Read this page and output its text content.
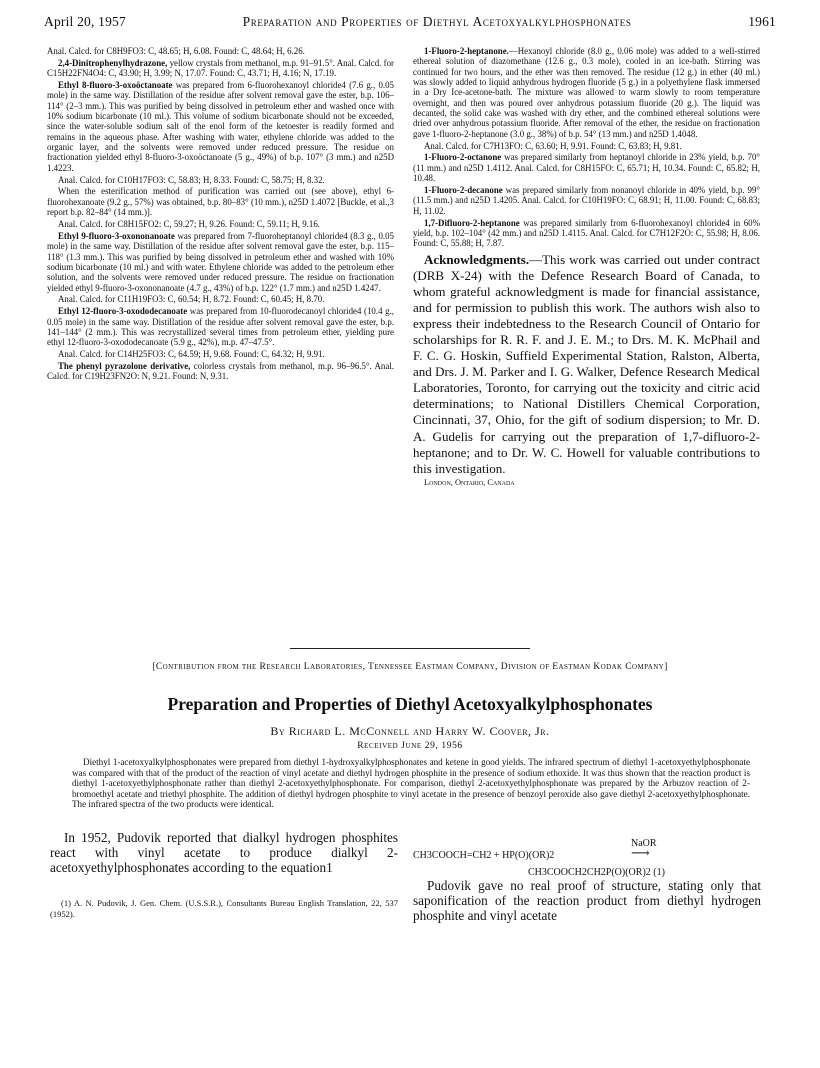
April 20, 1957	Preparation and Properties of Diethyl Acetoxyalkylphosphonates	1961

Anal. Calcd. for C8H9FO3: C, 48.65; H, 6.08. Found: C, 48.64; H, 6.26.

2,4-Dinitrophenylhydrazone, yellow crystals from methanol, m.p. 91–91.5°. Anal. Calcd. for C15H22FN4O4: C, 43.90; H, 3.99; N, 17.07. Found: C, 43.71; H, 4.16; N, 17.19.

Ethyl 8-fluoro-3-oxoöctanoate was prepared from 6-fluorohexanoyl chloride4 (7.6 g., 0.05 mole) in the same way. Distillation of the residue after solvent removal gave the ester, b.p. 106–114° (2–3 mm.). This was purified by being dissolved in petroleum ether and washed once with 10% sodium bicarbonate (10 ml.). This volume of sodium bicarbonate should not be exceeded, since the water-soluble sodium salt of the enol form of the ketoester is readily formed and remains in the aqueous phase. After washing with water, ethylene chloride was added to the organic layer, and the solvents were removed under reduced pressure. The residue on fractionation yielded ethyl 8-fluoro-3-oxoöctanoate (5 g., 49%) of b.p. 107° (3 mm.) and n25D 1.4223.

Anal. Calcd. for C10H17FO3: C, 58.83; H, 8.33. Found: C, 58.75; H, 8.32.

When the esterification method of purification was carried out (see above), ethyl 6-fluorohexanoate (9.2 g., 57%) was obtained, b.p. 80–83° (10 mm.), n25D 1.4072 [Buckle, et al.,3 report b.p. 82–84° (14 mm.)].

Anal. Calcd. for C8H15FO2: C, 59.27; H, 9.26. Found: C, 59.11; H, 9.16.

Ethyl 9-fluoro-3-oxononanoate was prepared from 7-fluoroheptanoyl chloride4 (8.3 g., 0.05 mole) in the same way. Distillation of the residue after solvent removal gave the ester, b.p. 115–118° (1.3 mm.). This was purified by being dissolved in petroleum ether and washed with 10% sodium bicarbonate (10 ml.) and with water. Ethylene chloride was added to the petroleum ether solution, and the solvents were removed under reduced pressure. The residue on fractionation yielded ethyl 9-fluoro-3-oxononanoate (4.7 g., 43%) of b.p. 122° (1.7 mm.) and n25D 1.4247.

Anal. Calcd. for C11H19FO3: C, 60.54; H, 8.72. Found: C, 60.45; H, 8.70.

Ethyl 12-fluoro-3-oxododecanoate was prepared from 10-fluorodecanoyl chloride4 (10.4 g., 0.05 mole) in the same way. Distillation of the residue after solvent removal gave the ester, b.p. 141–144° (2 mm.). This was recrystallized several times from petroleum ether, yielding pure ethyl 12-fluoro-3-oxododecanoate (5.9 g., 42%), m.p. 47–47.5°.

Anal. Calcd. for C14H25FO3: C, 64.59; H, 9.68. Found: C, 64.32; H, 9.91.

The phenyl pyrazolone derivative, colorless crystals from methanol, m.p. 96–96.5°. Anal. Calcd. for C19H23FN2O: N, 9.21. Found: N, 9.31.

1-Fluoro-2-heptanone.—Hexanoyl chloride (8.0 g., 0.06 mole) was added to a well-stirred ethereal solution of diazomethane (12.6 g., 0.3 mole), cooled in an ice-bath. Stirring was continued for two hours, and the ether was then removed. The residue (12 g.) in ether (40 ml.) was slowly added to liquid anhydrous hydrogen fluoride (5 g.) in a polyethylene flask immersed in a Dry Ice-acetone-bath. The mixture was allowed to warm slowly to room temperature overnight, and then was poured over anhydrous potassium fluoride (20 g.). The liquid was decanted, the solid cake was washed with dry ether, and the combined ethereal solutions were dried over anhydrous potassium fluoride. After removal of the ether, the residue on fractionation gave 1-fluoro-2-heptanone (3.0 g., 38%) of b.p. 54° (13 mm.) and n25D 1.4048.

Anal. Calcd. for C7H13FO: C, 63.60; H, 9.91. Found: C, 63.83; H, 9.81.

1-Fluoro-2-octanone was prepared similarly from heptanoyl chloride in 23% yield, b.p. 70° (11 mm.) and n25D 1.4112. Anal. Calcd. for C8H15FO: C, 65.71; H, 10.34. Found: C, 65.82; H, 10.48.

1-Fluoro-2-decanone was prepared similarly from nonanoyl chloride in 40% yield, b.p. 99° (11.5 mm.) and n25D 1.4205. Anal. Calcd. for C10H19FO: C, 68.91; H, 11.00. Found: C, 68.83; H, 11.02.

1,7-Difluoro-2-heptanone was prepared similarly from 6-fluorohexanoyl chloride4 in 60% yield, b.p. 102–104° (42 mm.) and n25D 1.4115. Anal. Calcd. for C7H12F2O: C, 55.98; H, 8.06. Found: C, 55.88; H, 7.87.

Acknowledgments.—This work was carried out under contract (DRB X-24) with the Defence Research Board of Canada, to whom grateful acknowledgment is made for financial assistance, and for permission to publish this work. The authors wish also to express their indebtedness to the Research Council of Ontario for scholarships for R. R. F. and J. E. M.; to Drs. M. K. McPhail and F. C. G. Hoskin, Suffield Experimental Station, Ralston, Alberta, and Drs. J. M. Parker and I. G. Walker, Defence Research Medical Laboratories, Toronto, for carrying out the toxicity and citric acid determinations; to National Distillers Chemical Corporation, Cincinnati, 37, Ohio, for the gift of sodium dispersion; to Mr. D. A. Gudelis for carrying out the preparation of 1,7-difluoro-2-heptanone; and to Dr. W. C. Howell for valuable contributions to this investigation.

London, Ontario, Canada

[Contribution from the Research Laboratories, Tennessee Eastman Company, Division of Eastman Kodak Company]
Preparation and Properties of Diethyl Acetoxyalkylphosphonates
By Richard L. McConnell and Harry W. Coover, Jr.
Received June 29, 1956

Diethyl 1-acetoxyalkylphosphonates were prepared from diethyl 1-hydroxyalkylphosphonates and ketene in good yields. The infrared spectrum of diethyl 1-acetoxyethylphosphonate was compared with that of the product of the reaction of vinyl acetate and diethyl hydrogen phosphite in the presence of sodium ethoxide. It was thus shown that the reaction product is diethyl 1-acetoxyethylphosphonate rather than diethyl 2-acetoxyethylphosphonate. For comparison, diethyl 2-acetoxyethylphosphonate was prepared by the Arbuzov reaction of 2-bromoethyl acetate and triethyl phosphite. The addition of diethyl hydrogen phosphite to vinyl acetate in the presence of benzoyl peroxide also gave diethyl 2-acetoxyethylphosphonate. The infrared spectra of the two products were identical.

In 1952, Pudovik reported that dialkyl hydrogen phosphites react with vinyl acetate to produce dialkyl 2-acetoxyethylphosphonates according to the equation1

(1) A. N. Pudovik, J. Gen. Chem. (U.S.S.R.), Consultants Bureau English Translation, 22, 537 (1952).
NaOR
CH3COOCH=CH2 + HP(O)(OR)2	⟶
CH3COOCH2CH2P(O)(OR)2 (1)

Pudovik gave no real proof of structure, stating only that saponification of the reaction product from diethyl hydrogen phosphite and vinyl acetate
